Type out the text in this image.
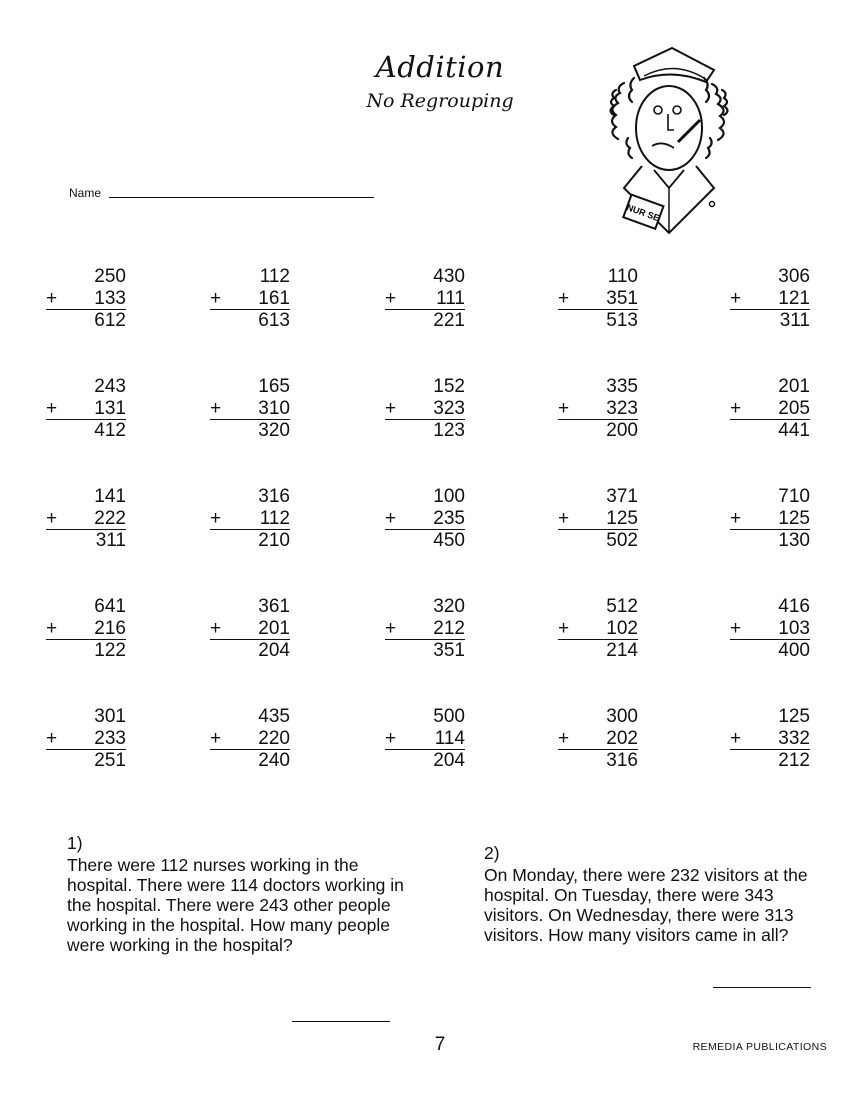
Addition
No Regrouping
Name
NUR SE
250
+ 133
612
112
+ 161
613
430
+ 111
221
110
+ 351
513
306
+ 121
311
243
+ 131
412
165
+ 310
320
152
+ 323
123
335
+ 323
200
201
+ 205
441
141
+ 222
311
316
+ 112
210
100
+ 235
450
371
+ 125
502
710
+ 125
130
641
+ 216
122
361
+ 201
204
320
+ 212
351
512
+ 102
214
416
+ 103
400
301
+ 233
251
435
+ 220
240
500
+ 114
204
300
+ 202
316
125
+ 332
212
1)
There were 112 nurses working in the hospital. There were 114 doctors working in the hospital. There were 243 other people working in the hospital. How many people were working in the hospital?
2)
On Monday, there were 232 visitors at the hospital. On Tuesday, there were 343 visitors. On Wednesday, there were 313 visitors. How many visitors came in all?
7	REMEDIA PUBLICATIONS
